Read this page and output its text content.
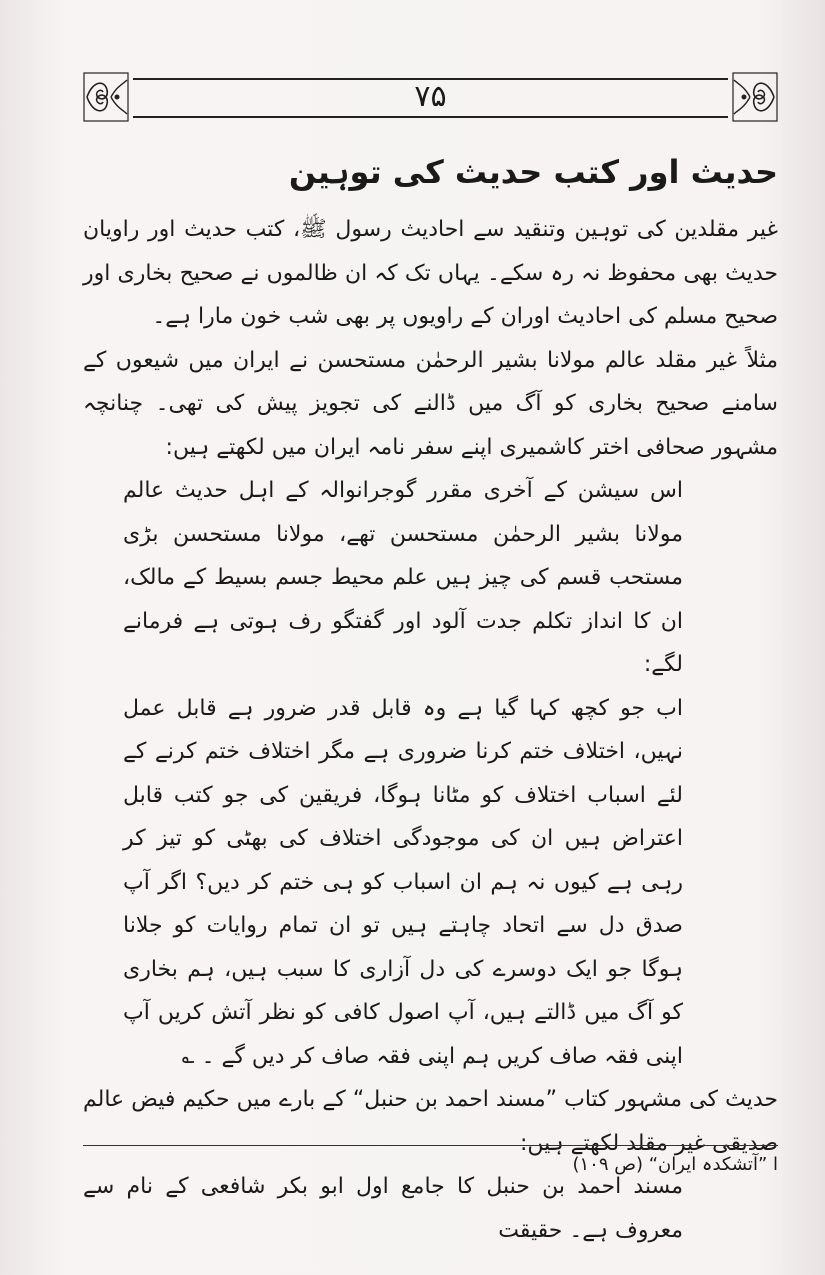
۷۵
حدیث اور کتب حدیث کی توہین

غیر مقلدین کی توہین وتنقید سے احادیث رسول ﷺ، کتب حدیث اور راویان حدیث بھی محفوظ نہ رہ سکے۔ یہاں تک کہ ان ظالموں نے صحیح بخاری اور صحیح مسلم کی احادیث اوران کے راویوں پر بھی شب خون مارا ہے۔

مثلاً غیر مقلد عالم مولانا بشیر الرحمٰن مستحسن نے ایران میں شیعوں کے سامنے صحیح بخاری کو آگ میں ڈالنے کی تجویز پیش کی تھی۔ چنانچہ مشہور صحافی اختر کاشمیری اپنے سفر نامہ ایران میں لکھتے ہیں:

اس سیشن کے آخری مقرر گوجرانوالہ کے اہل حدیث عالم مولانا بشیر الرحمٰن مستحسن تھے، مولانا مستحسن بڑی مستحب قسم کی چیز ہیں علم محیط جسم بسیط کے مالک، ان کا انداز تکلم جدت آلود اور گفتگو رف ہوتی ہے فرمانے لگے:

اب جو کچھ کہا گیا ہے وہ قابل قدر ضرور ہے قابل عمل نہیں، اختلاف ختم کرنا ضروری ہے مگر اختلاف ختم کرنے کے لئے اسباب اختلاف کو مٹانا ہوگا، فریقین کی جو کتب قابل اعتراض ہیں ان کی موجودگی اختلاف کی بھٹی کو تیز کر رہی ہے کیوں نہ ہم ان اسباب کو ہی ختم کر دیں؟ اگر آپ صدق دل سے اتحاد چاہتے ہیں تو ان تمام روایات کو جلانا ہوگا جو ایک دوسرے کی دل آزاری کا سبب ہیں، ہم بخاری کو آگ میں ڈالتے ہیں، آپ اصول کافی کو نظر آتش کریں آپ اپنی فقہ صاف کریں ہم اپنی فقہ صاف کر دیں گے ۔ ؎

حدیث کی مشہور کتاب ”مسند احمد بن حنبل“ کے بارے میں حکیم فیض عالم صدیقی غیر مقلد لکھتے ہیں:

مسند احمد بن حنبل کا جامع اول ابو بکر شافعی کے نام سے معروف ہے۔ حقیقت

ا ”آتشکدہ ایران“ (ص ۱۰۹)
